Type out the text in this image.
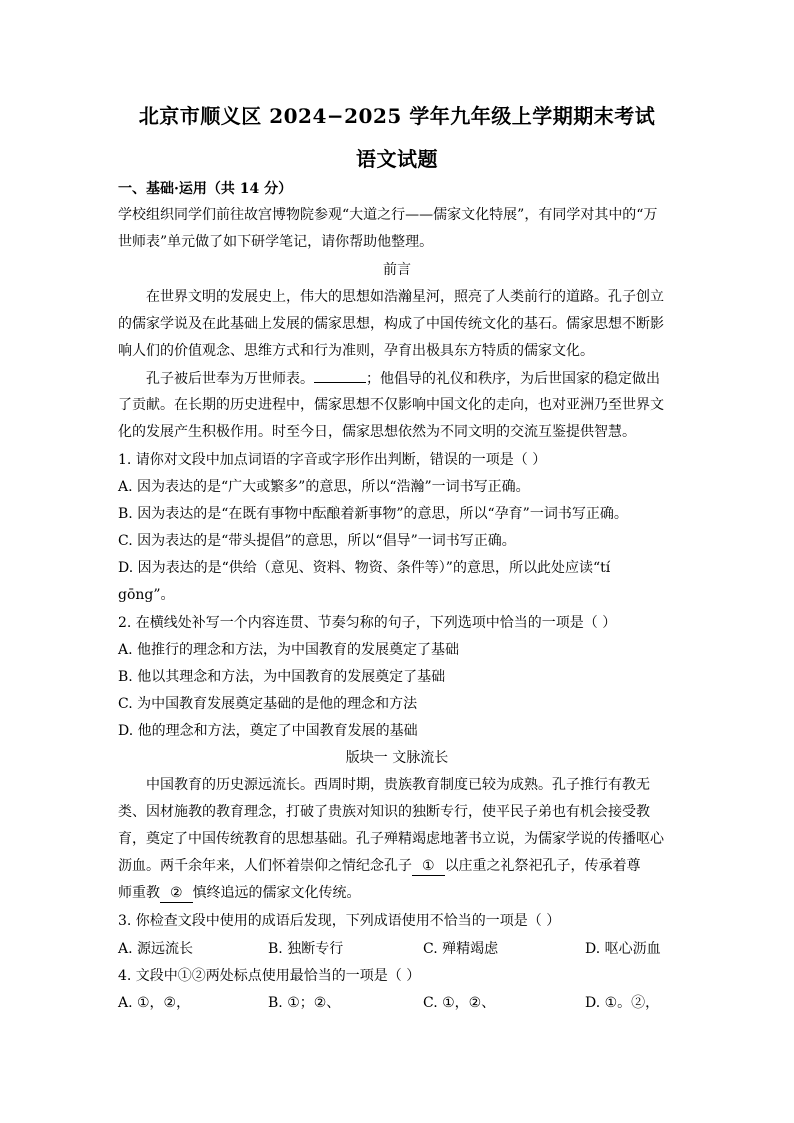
北京市顺义区 2024−2025 学年九年级上学期期末考试
语文试题
一、基础·运用（共 14 分）
学校组织同学们前往故宫博物院参观“大道之行——儒家文化特展”，有同学对其中的“万
世师表”单元做了如下研学笔记，请你帮助他整理。
前言
在世界文明的发展史上，伟大的思想如浩瀚星河，照亮了人类前行的道路。孔子创立
的儒家学说及在此基础上发展的儒家思想，构成了中国传统文化的基石。儒家思想不断影
响人们的价值观念、思维方式和行为准则，孕育出极具东方特质的儒家文化。
孔子被后世奉为万世师表。	；他倡导的礼仪和秩序，为后世国家的稳定做出
了贡献。在长期的历史进程中，儒家思想不仅影响中国文化的走向，也对亚洲乃至世界文
化的发展产生积极作用。时至今日，儒家思想依然为不同文明的交流互鉴提供智慧。
1. 请你对文段中加点词语的字音或字形作出判断，错误的一项是（ ）
A. 因为表达的是“广大或繁多”的意思，所以“浩瀚”一词书写正确。
B. 因为表达的是“在既有事物中酝酿着新事物”的意思，所以“孕育”一词书写正确。
C. 因为表达的是“带头提倡”的意思，所以“倡导”一词书写正确。
D. 因为表达的是“供给（意见、资料、物资、条件等）”的意思，所以此处应读“tí
gōng”。
2. 在横线处补写一个内容连贯、节奏匀称的句子，下列选项中恰当的一项是（ ）
A. 他推行的理念和方法，为中国教育的发展奠定了基础
B. 他以其理念和方法，为中国教育的发展奠定了基础
C. 为中国教育发展奠定基础的是他的理念和方法
D. 他的理念和方法，奠定了中国教育发展的基础
版块一 文脉流长
中国教育的历史源远流长。西周时期，贵族教育制度已较为成熟。孔子推行有教无
类、因材施教的教育理念，打破了贵族对知识的独断专行，使平民子弟也有机会接受教
育，奠定了中国传统教育的思想基础。孔子殚精竭虑地著书立说，为儒家学说的传播呕心
沥血。两千余年来，人们怀着崇仰之情纪念孔子 ① 以庄重之礼祭祀孔子，传承着尊
师重教 ② 慎终追远的儒家文化传统。
3. 你检查文段中使用的成语后发现，下列成语使用不恰当的一项是（ ）
A. 源远流长	B. 独断专行	C. 殚精竭虑	D. 呕心沥血
4. 文段中①②两处标点使用最恰当的一项是（ ）
A. ①，②，	B. ①；②、	C. ①，②、	D. ①。②，
